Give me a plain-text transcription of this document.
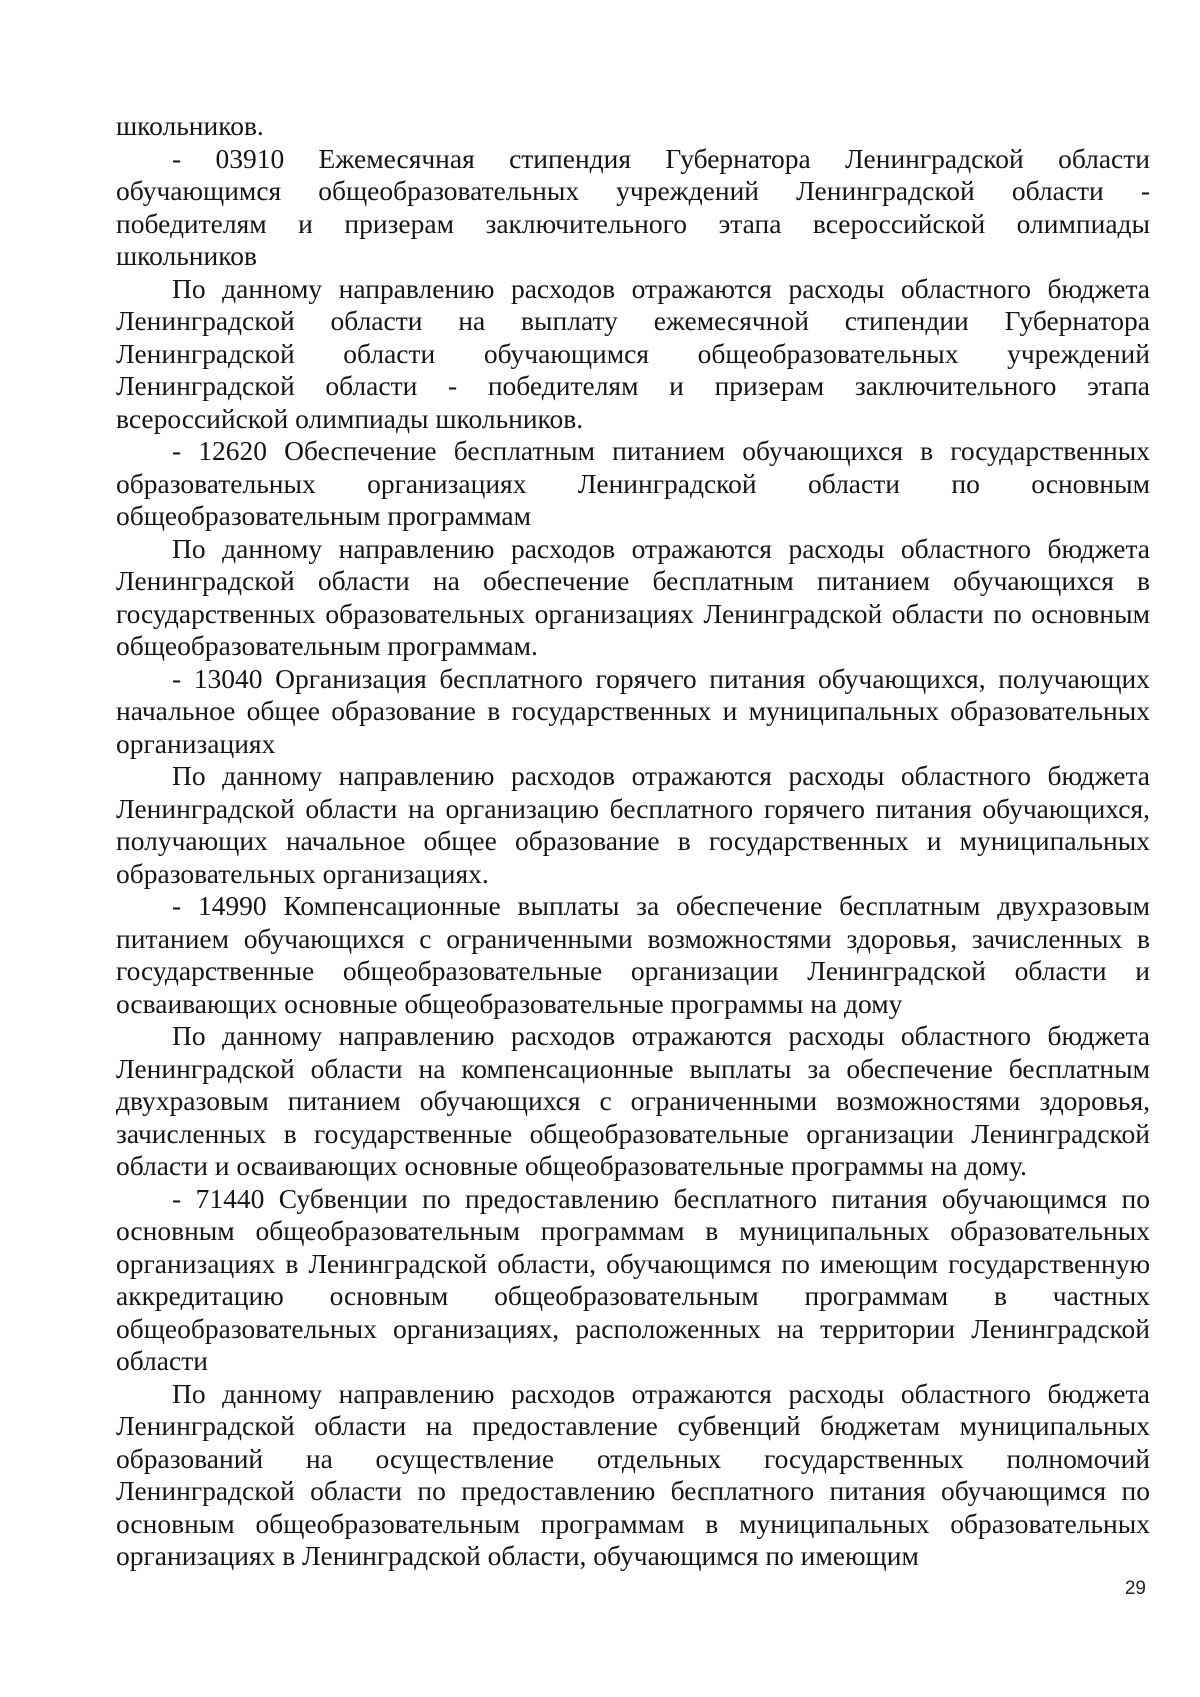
школьников.

- 03910 Ежемесячная стипендия Губернатора Ленинградской области обучающимся общеобразовательных учреждений Ленинградской области - победителям и призерам заключительного этапа всероссийской олимпиады школьников

По данному направлению расходов отражаются расходы областного бюджета Ленинградской области на выплату ежемесячной стипендии Губернатора Ленинградской области обучающимся общеобразовательных учреждений Ленинградской области - победителям и призерам заключительного этапа всероссийской олимпиады школьников.

- 12620 Обеспечение бесплатным питанием обучающихся в государственных образовательных организациях Ленинградской области по основным общеобразовательным программам

По данному направлению расходов отражаются расходы областного бюджета Ленинградской области на обеспечение бесплатным питанием обучающихся в государственных образовательных организациях Ленинградской области по основным общеобразовательным программам.

- 13040 Организация бесплатного горячего питания обучающихся, получающих начальное общее образование в государственных и муниципальных образовательных организациях

По данному направлению расходов отражаются расходы областного бюджета Ленинградской области на организацию бесплатного горячего питания обучающихся, получающих начальное общее образование в государственных и муниципальных образовательных организациях.

- 14990 Компенсационные выплаты за обеспечение бесплатным двухразовым питанием обучающихся с ограниченными возможностями здоровья, зачисленных в государственные общеобразовательные организации Ленинградской области и осваивающих основные общеобразовательные программы на дому

По данному направлению расходов отражаются расходы областного бюджета Ленинградской области на компенсационные выплаты за обеспечение бесплатным двухразовым питанием обучающихся с ограниченными возможностями здоровья, зачисленных в государственные общеобразовательные организации Ленинградской области и осваивающих основные общеобразовательные программы на дому.

- 71440 Субвенции по предоставлению бесплатного питания обучающимся по основным общеобразовательным программам в муниципальных образовательных организациях в Ленинградской области, обучающимся по имеющим государственную аккредитацию основным общеобразовательным программам в частных общеобразовательных организациях, расположенных на территории Ленинградской области

По данному направлению расходов отражаются расходы областного бюджета Ленинградской области на предоставление субвенций бюджетам муниципальных образований на осуществление отдельных государственных полномочий Ленинградской области по предоставлению бесплатного питания обучающимся по основным общеобразовательным программам в муниципальных образовательных организациях в Ленинградской области, обучающимся по имеющим

29
